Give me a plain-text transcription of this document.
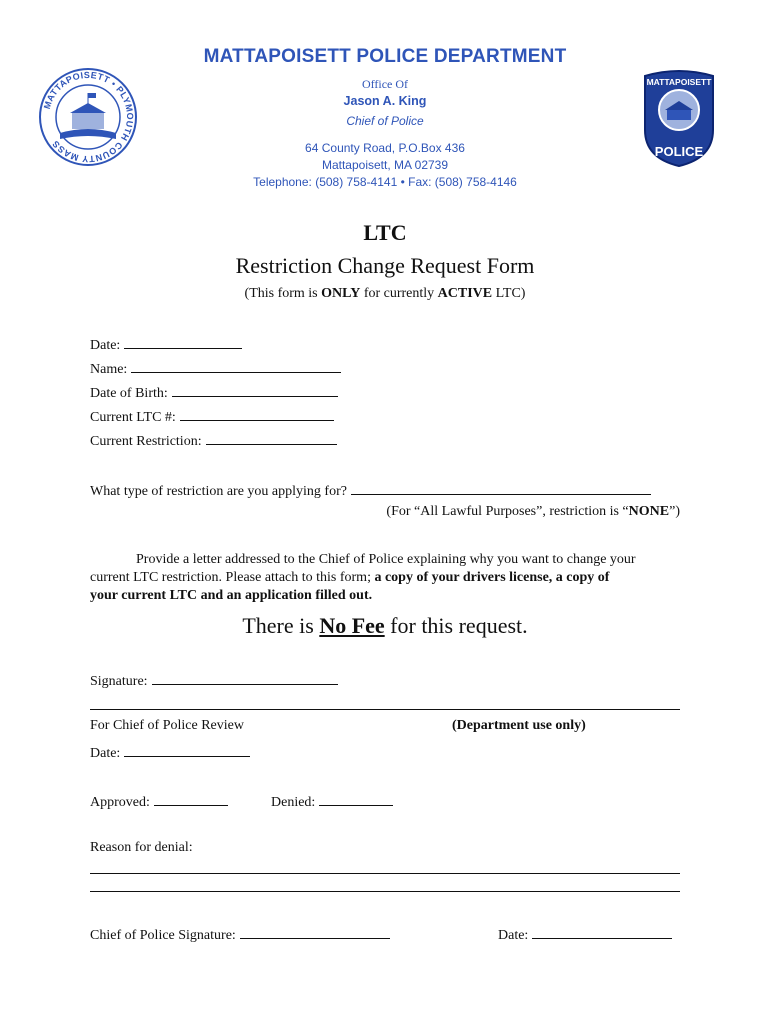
MATTAPOISETT • PLYMOUTH COUNTY MASS
MATTAPOISETT
POLICE
MATTAPOISETT POLICE DEPARTMENT
Office Of
Jason A. King
Chief of Police
64 County Road, P.O.Box 436
Mattapoisett, MA 02739
Telephone: (508) 758-4141 • Fax: (508) 758-4146
LTC
Restriction Change Request Form
(This form is ONLY for currently ACTIVE LTC)
Date:
Name:
Date of Birth:
Current LTC #:
Current Restriction:
What type of restriction are you applying for?
(For “All Lawful Purposes”, restriction is “NONE”)
Provide a letter addressed to the Chief of Police explaining why you want to change your
current LTC restriction. Please attach to this form; a copy of your drivers license, a copy of
your current LTC and an application filled out.
There is No Fee for this request.
Signature:
For Chief of Police Review	(Department use only)
Date:
Approved:	Denied:
Reason for denial:
Chief of Police Signature:	Date:
